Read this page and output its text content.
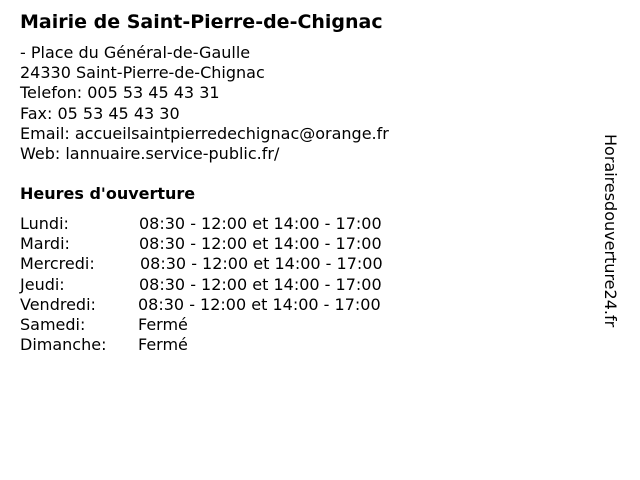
Mairie de Saint-Pierre-de-Chignac
- Place du Général-de-Gaulle
24330 Saint-Pierre-de-Chignac
Telefon: 005 53 45 43 31
Fax: 05 53 45 43 30
Email: accueilsaintpierredechignac@orange.fr
Web: lannuaire.service-public.fr/
Heures d'ouverture
Lundi:	08:30 - 12:00 et 14:00 - 17:00
Mardi:	08:30 - 12:00 et 14:00 - 17:00
Mercredi:	08:30 - 12:00 et 14:00 - 17:00
Jeudi:	08:30 - 12:00 et 14:00 - 17:00
Vendredi:	08:30 - 12:00 et 14:00 - 17:00
Samedi:	Fermé
Dimanche: Fermé
Horairesdouverture24.fr
